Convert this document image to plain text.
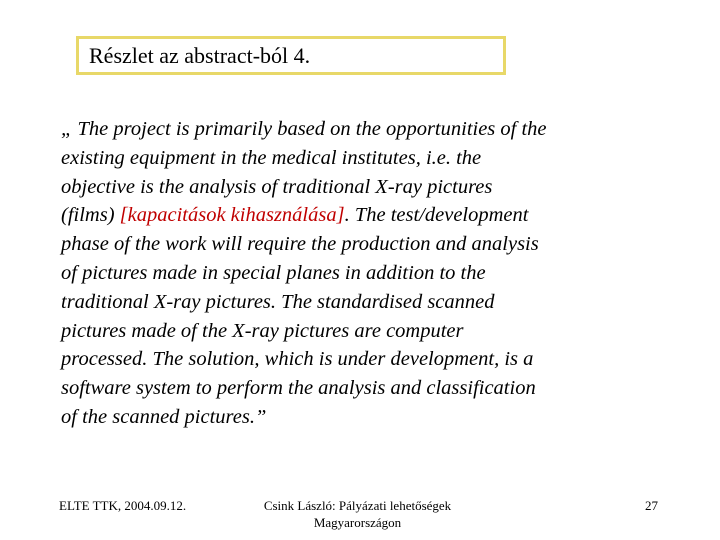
Részlet az abstract-ból 4.
„ The project is primarily based on the opportunities of the
existing equipment in the medical institutes, i.e. the
objective is the analysis of traditional X-ray pictures
(films) [kapacitások kihasználása]. The test/development
phase of the work will require the production and analysis
of pictures made in special planes in addition to the
traditional X-ray pictures. The standardised scanned
pictures made of the X-ray pictures are computer
processed. The solution, which is under development, is a
software system to perform the analysis and classification
of the scanned pictures.”
ELTE TTK, 2004.09.12.	Csink László: Pályázati lehetőségek
Magyarországon
27
